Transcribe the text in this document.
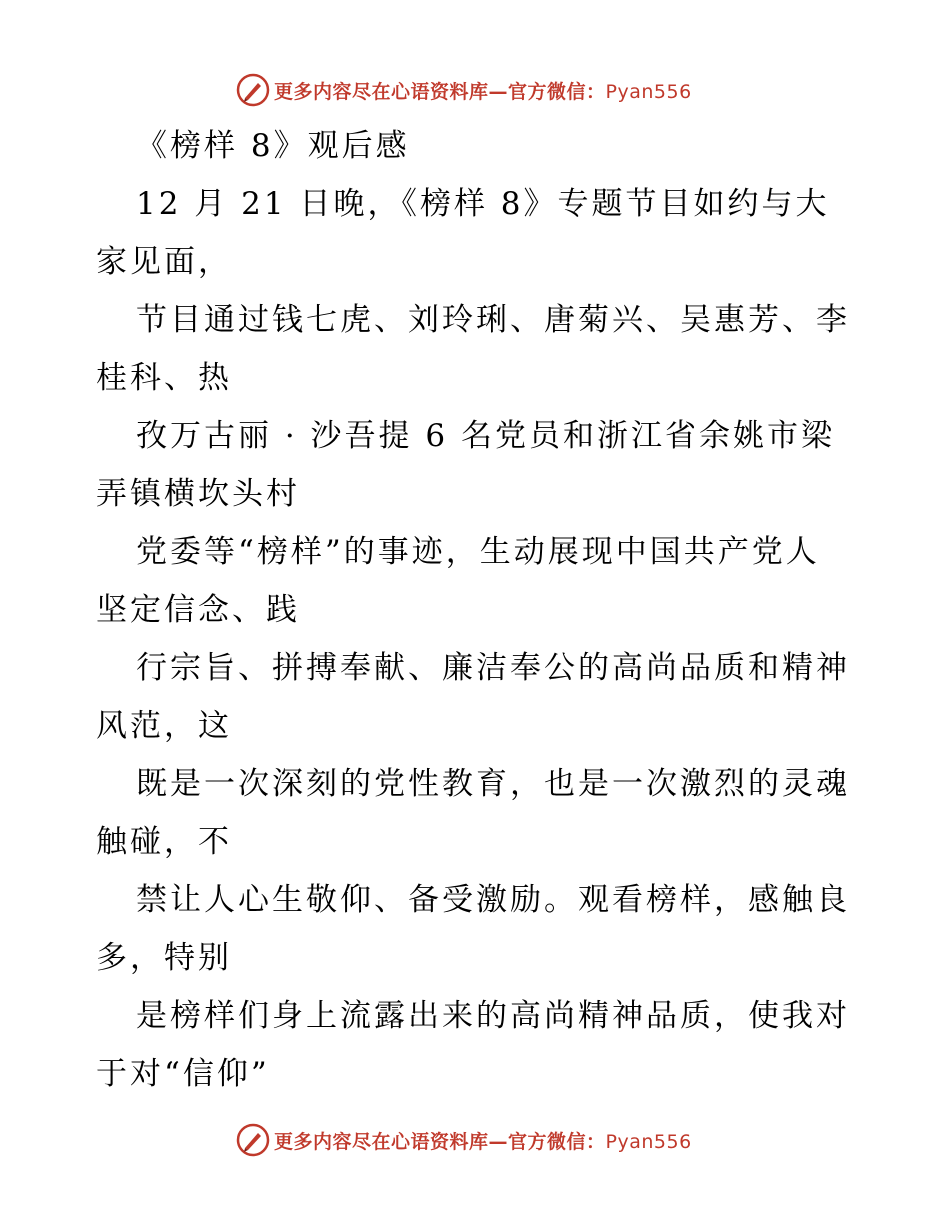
更多内容尽在心语资料库—官方微信：Pyan556
《榜样 8》观后感
12 月 21 日晚，《榜样 8》专题节目如约与大
家见面，
节目通过钱七虎、刘玲琍、唐菊兴、吴惠芳、李
桂科、热
孜万古丽 · 沙吾提 6 名党员和浙江省余姚市梁
弄镇横坎头村
党委等“榜样”的事迹，生动展现中国共产党人
坚定信念、践
行宗旨、拼搏奉献、廉洁奉公的高尚品质和精神
风范，这
既是一次深刻的党性教育，也是一次激烈的灵魂
触碰，不
禁让人心生敬仰、备受激励。观看榜样，感触良
多，特别
是榜样们身上流露出来的高尚精神品质，使我对
于对“信仰”
更多内容尽在心语资料库—官方微信：Pyan556
